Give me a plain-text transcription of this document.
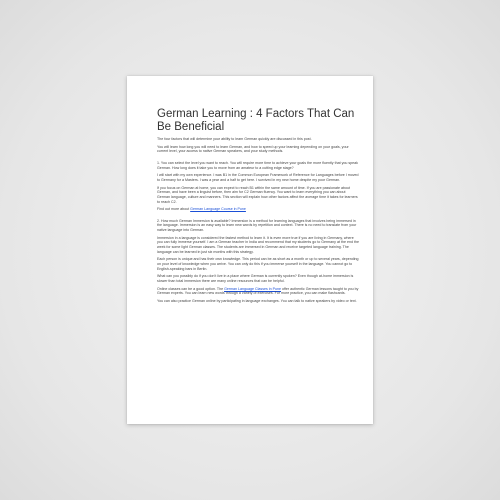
German Learning : 4 Factors That Can Be Beneficial

The four factors that will determine your ability to learn German quickly are discussed in this post.

You will learn how long you will need to learn German, and how to speed up your learning depending on your goals, your current level, your access to native German speakers, and your study methods.

1. You can select the level you want to reach. You will require more time to achieve your goals the more fluently that you speak German. How long does it take you to move from an amateur to a cutting edge stage?

I will start with my own experience. I was B1 in the Common European Framework of Reference for Languages before I moved to Germany for a Masters. I was a year and a half to get here. I survived in my new home despite my poor German.

If you focus on German at home, you can expect to reach B1 within the same amount of time. If you are passionate about German, and have been a linguist before, then aim for C2 German fluency. You want to learn everything you can about German language, culture and manners. This section will explain how other factors affect the average time it takes for learners to reach C2.

Find out more about German Language Course in Pune

2. How much German Immersion is available? Immersion is a method for learning languages that involves being immersed in the language. Immersion is an easy way to learn new words by repetition and context. There is no need to translate from your native language into German.

Immersion in a language is considered the fastest method to learn it. It is even more true if you are living in Germany, where you can fully immerse yourself. I am a German teacher in India and recommend that my students go to Germany at the end the week for some light German classes. The students are immersed in German and receive targeted language training. The language can be learned in just six months with this strategy.

Each person is unique and has their own knowledge. This period can be as short as a month or up to several years, depending on your level of knowledge when you arrive. You can only do this if you immerse yourself in the language. You cannot go to English-speaking bars in Berlin.

What can you possibly do if you don't live in a place where German is currently spoken? Even though at-home immersion is slower than total immersion there are many online resources that can be helpful.

Online classes can be a good option. The German Language Classes in Pune offer authentic German lessons taught to you by German experts. You can learn new words through a variety of exercises. For more practice, you can make flashcards.

You can also practice German online by participating in language exchanges. You can talk to native speakers by video or text.
